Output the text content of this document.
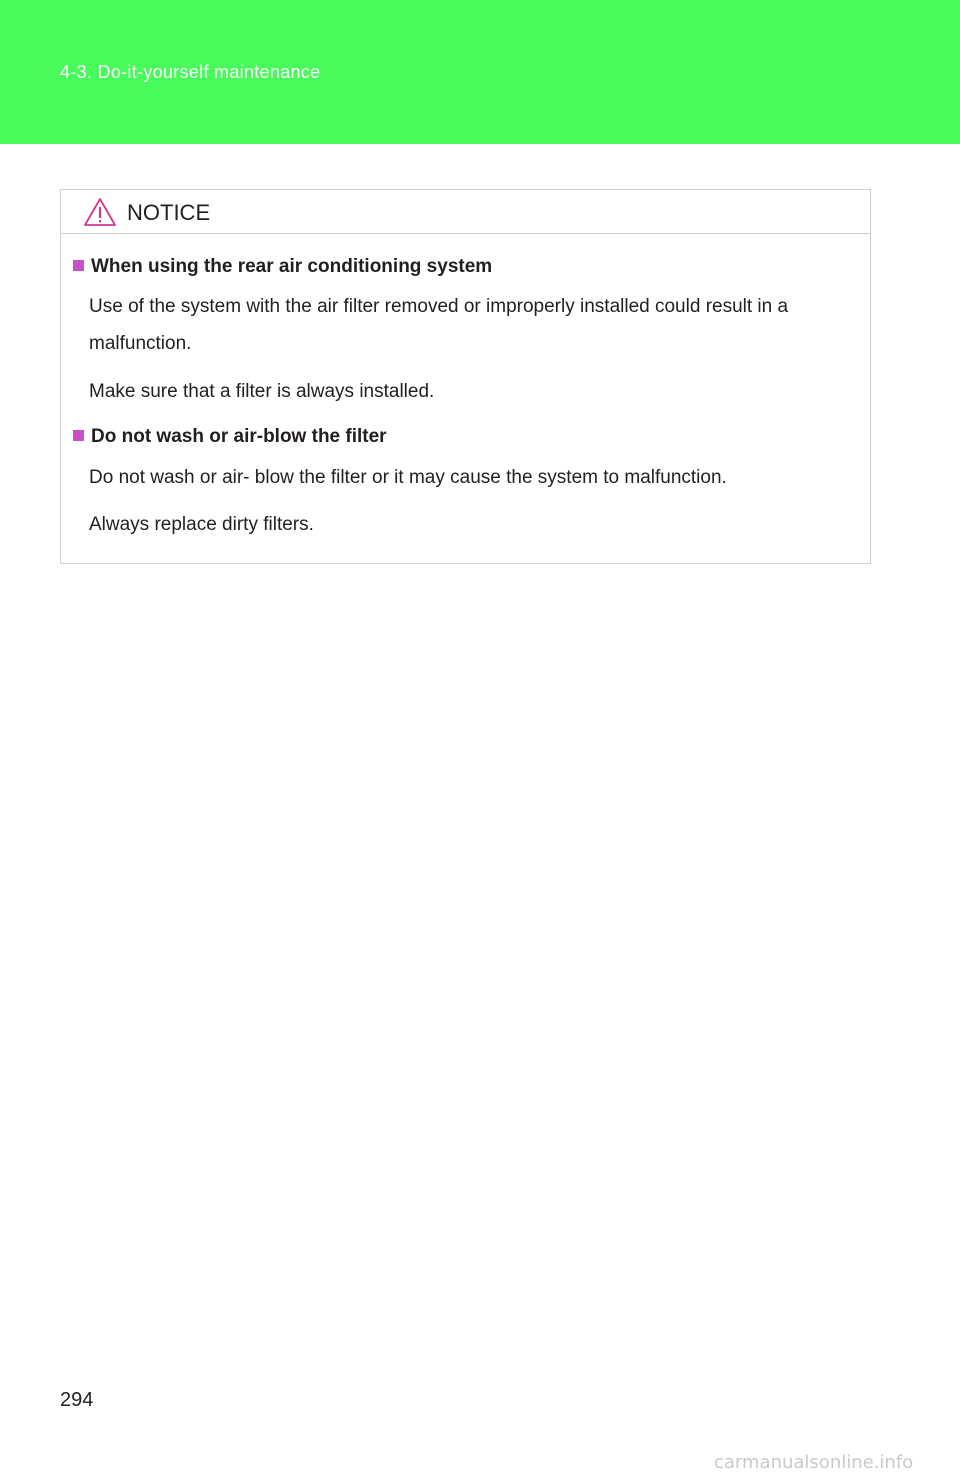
4-3. Do-it-yourself maintenance
NOTICE
When using the rear air conditioning system
Use of the system with the air filter removed or improperly installed could result in a malfunction.
Make sure that a filter is always installed.
Do not wash or air-blow the filter
Do not wash or air- blow the filter or it may cause the system to malfunction.
Always replace dirty filters.
294
carmanualsonline.info
